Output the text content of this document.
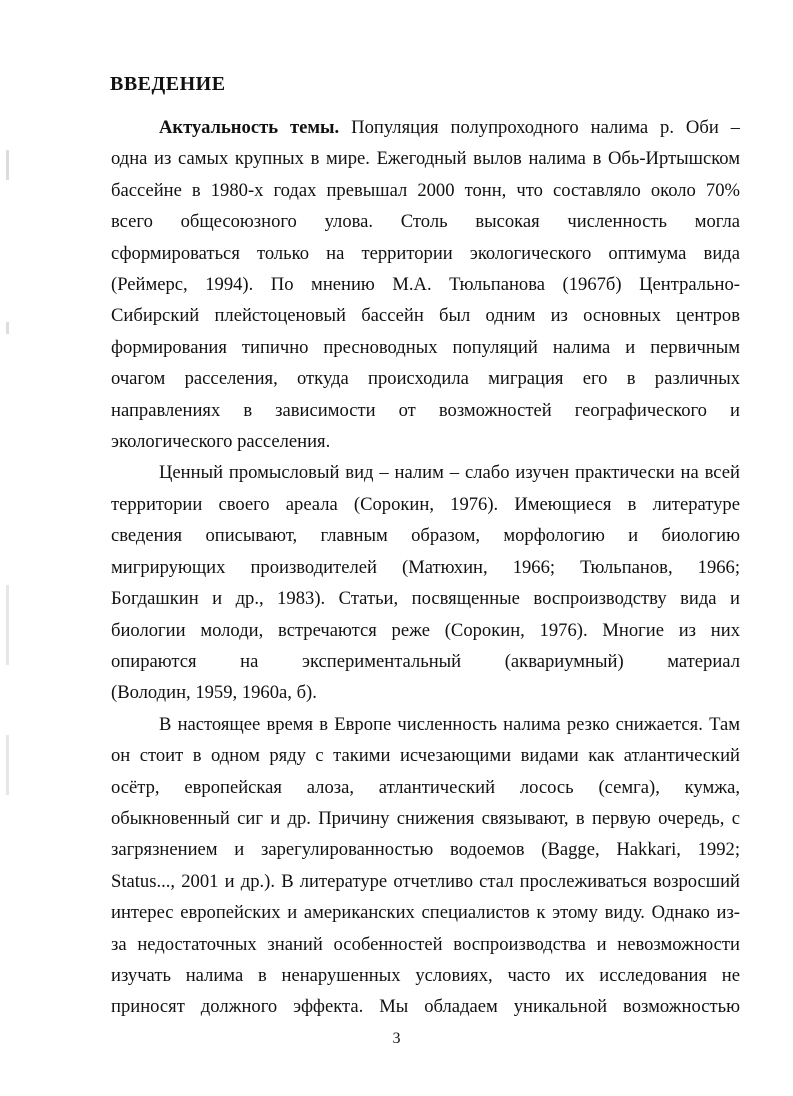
ВВЕДЕНИЕ
Актуальность темы. Популяция полупроходного налима р. Оби –
одна из самых крупных в мире. Ежегодный вылов налима в Обь-Иртышском
бассейне в 1980-х годах превышал 2000 тонн, что составляло около 70%
всего общесоюзного улова. Столь высокая численность могла
сформироваться только на территории экологического оптимума вида
(Реймерс, 1994). По мнению М.А. Тюльпанова (1967б) Центрально-
Сибирский плейстоценовый бассейн был одним из основных центров
формирования типично пресноводных популяций налима и первичным
очагом расселения, откуда происходила миграция его в различных
направлениях в зависимости от возможностей географического и
экологического расселения.
Ценный промысловый вид – налим – слабо изучен практически на всей
территории своего ареала (Сорокин, 1976). Имеющиеся в литературе
сведения описывают, главным образом, морфологию и биологию
мигрирующих производителей (Матюхин, 1966; Тюльпанов, 1966;
Богдашкин и др., 1983). Статьи, посвященные воспроизводству вида и
биологии молоди, встречаются реже (Сорокин, 1976). Многие из них
опираются на экспериментальный (аквариумный) материал
(Володин, 1959, 1960а, б).
В настоящее время в Европе численность налима резко снижается. Там
он стоит в одном ряду с такими исчезающими видами как атлантический
осётр, европейская алоза, атлантический лосось (семга), кумжа,
обыкновенный сиг и др. Причину снижения связывают, в первую очередь, с
загрязнением и зарегулированностью водоемов (Bagge, Hakkari, 1992;
Status..., 2001 и др.). В литературе отчетливо стал прослеживаться возросший
интерес европейских и американских специалистов к этому виду. Однако из-
за недостаточных знаний особенностей воспроизводства и невозможности
изучать налима в ненарушенных условиях, часто их исследования не
приносят должного эффекта. Мы обладаем уникальной возможностью
3
